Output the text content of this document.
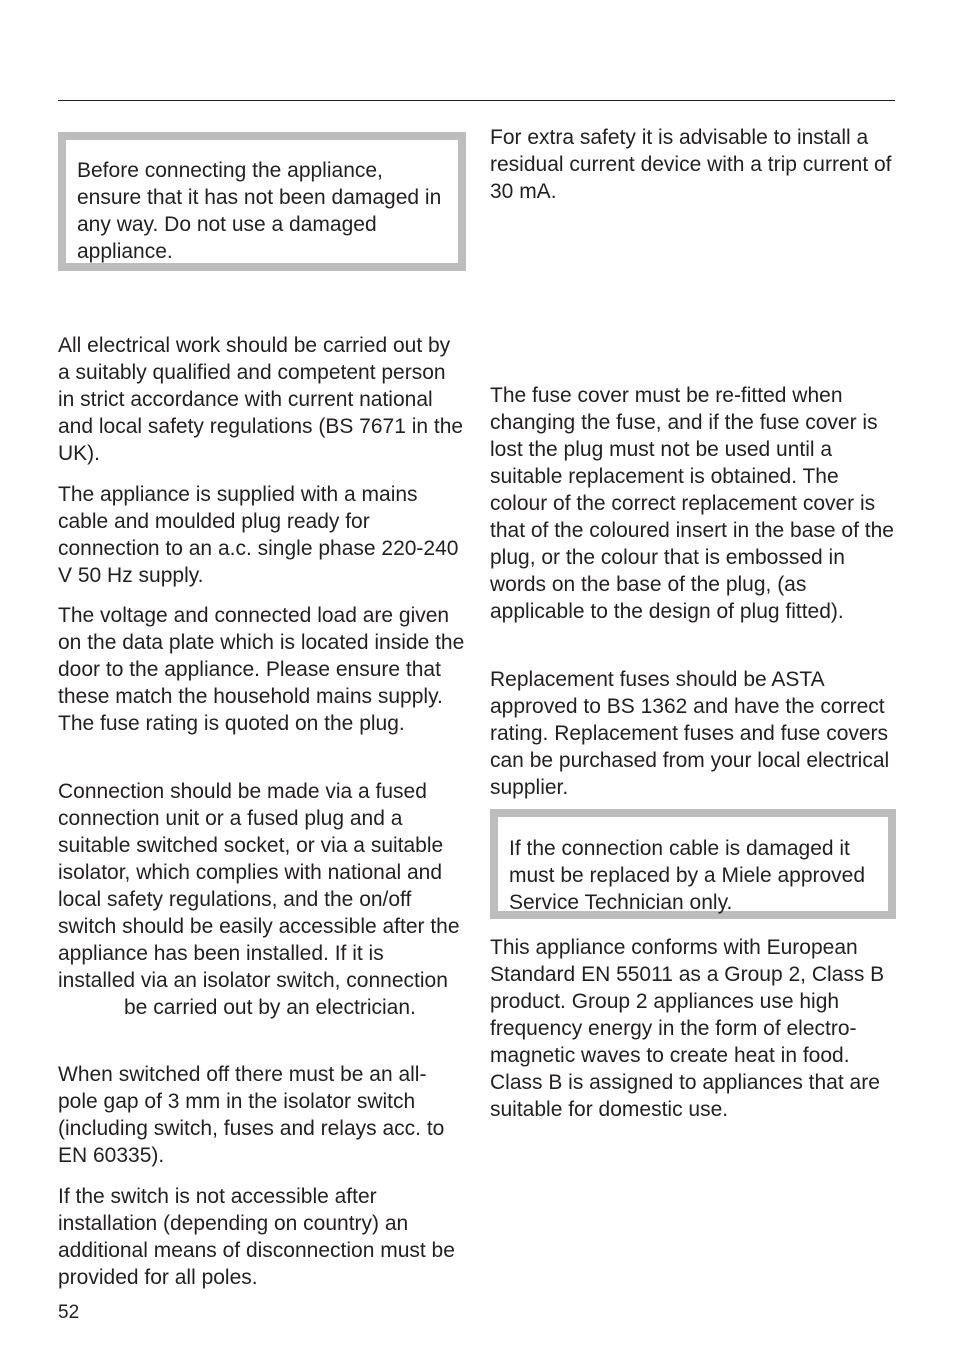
Before connecting the appliance, ensure that it has not been damaged in any way. Do not use a damaged appliance.

All electrical work should be carried out by a suitably qualified and competent person in strict accordance with current national and local safety regulations (BS 7671 in the UK).

The appliance is supplied with a mains cable and moulded plug ready for connection to an a.c. single phase 220-240 V 50 Hz supply.

The voltage and connected load are given on the data plate which is located inside the door to the appliance. Please ensure that these match the household mains supply. The fuse rating is quoted on the plug.

Connection should be made via a fused connection unit or a fused plug and a suitable switched socket, or via a suitable isolator, which complies with national and local safety regulations, and the on/off switch should be easily accessible after the appliance has been installed. If it is installed via an isolator switch, connectionbe carried out by an electrician.

When switched off there must be an all-pole gap of 3 mm in the isolator switch (including switch, fuses and relays acc. to EN 60335).

If the switch is not accessible after installation (depending on country) an additional means of disconnection must be provided for all poles.

For extra safety it is advisable to install a residual current device with a trip current of 30 mA.

The fuse cover must be re-fitted when changing the fuse, and if the fuse cover is lost the plug must not be used until a suitable replacement is obtained. The colour of the correct replacement cover is that of the coloured insert in the base of the plug, or the colour that is embossed in words on the base of the plug, (as applicable to the design of plug fitted).

Replacement fuses should be ASTA approved to BS 1362 and have the correct rating. Replacement fuses and fuse covers can be purchased from your local electrical supplier.

If the connection cable is damaged it must be replaced by a Miele approved Service Technician only.

This appliance conforms with European Standard EN 55011 as a Group 2, Class B product. Group 2 appliances use high frequency energy in the form of electro-magnetic waves to create heat in food. Class B is assigned to appliances that are suitable for domestic use.

52
